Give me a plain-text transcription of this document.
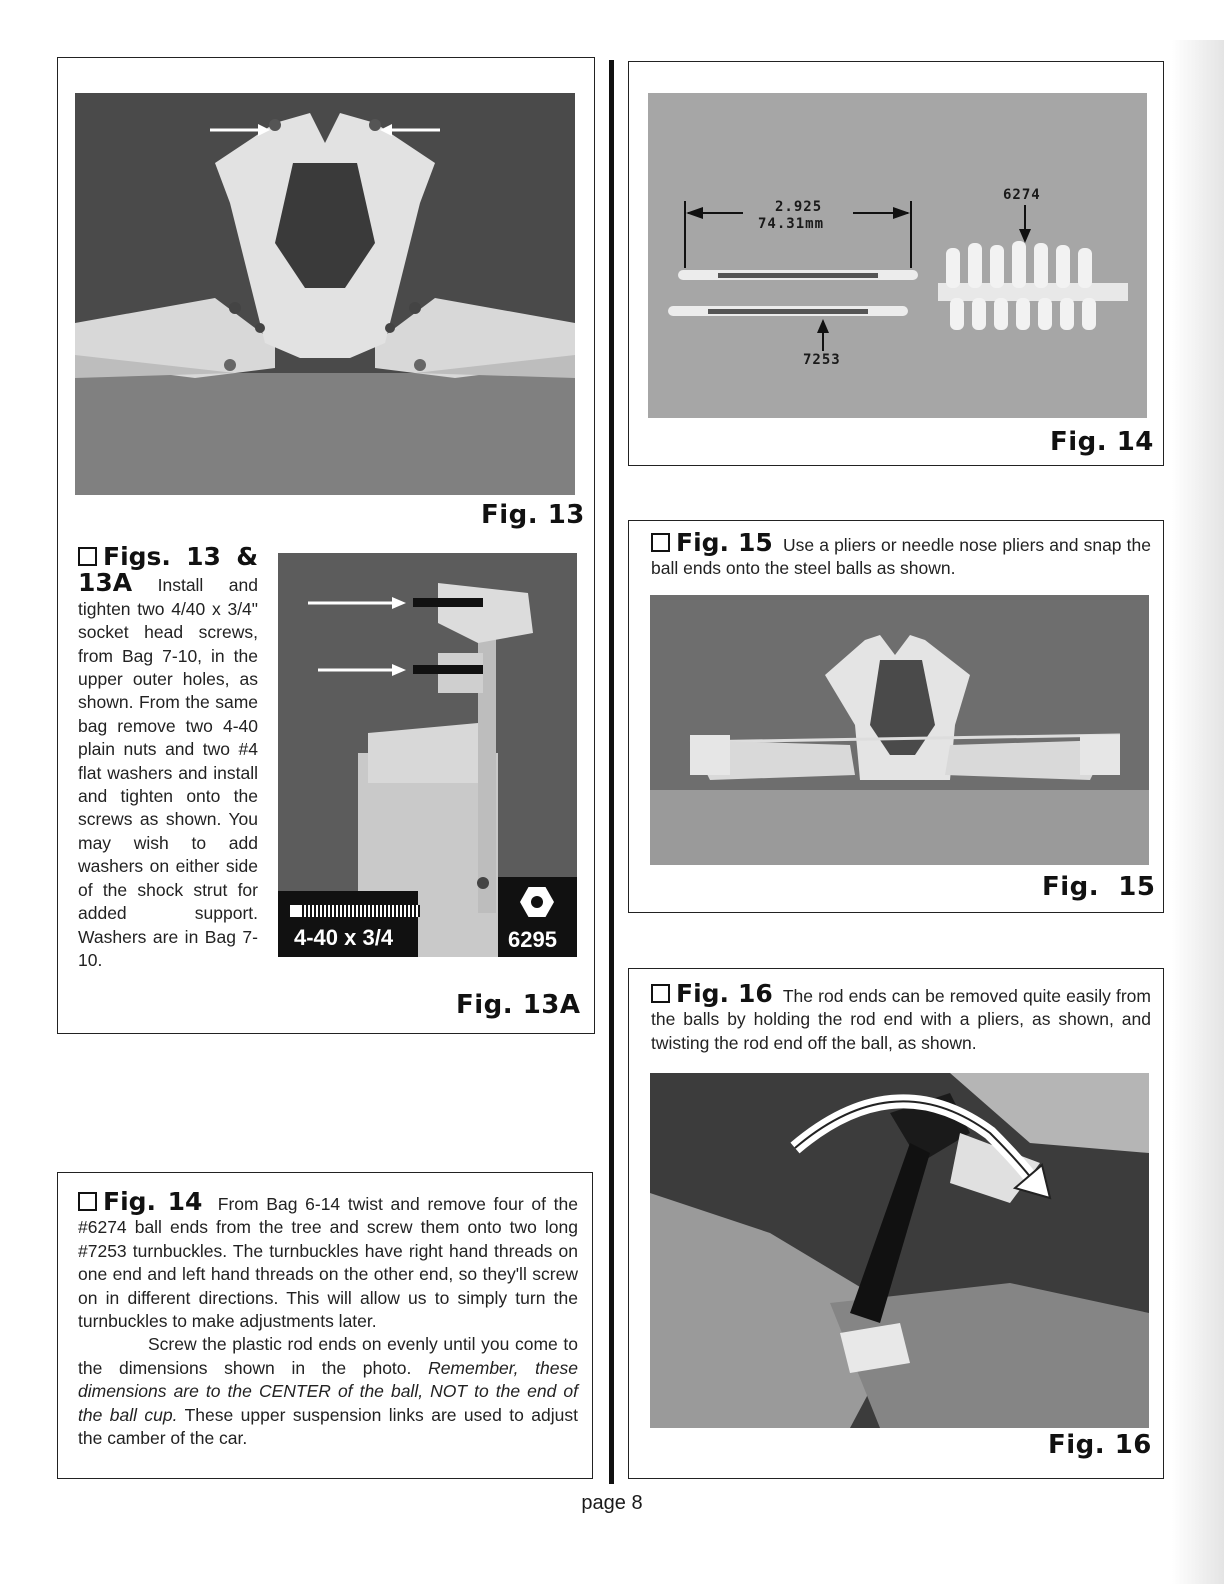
Fig. 13
Figs. 13 & 13A Install and tighten two 4/40 x 3/4" socket head screws, from Bag 7-10, in the upper outer holes, as shown. From the same bag remove two 4-40 plain nuts and two #4 flat washers and install and tighten onto the screws as shown. You may wish to add washers on either side of the shock strut for added support. Washers are in Bag 7-10.
4-40 x 3/4	6295
Fig. 13A
Fig. 14 From Bag 6-14 twist and remove four of the #6274 ball ends from the tree and screw them onto two long #7253 turnbuckles. The turnbuckles have right hand threads on one end and left hand threads on the other end, so they'll screw on in different directions. This will allow us to simply turn the turnbuckles to make adjustments later.
Screw the plastic rod ends on evenly until you come to the dimensions shown in the photo. Remember, these dimensions are to the CENTER of the ball, NOT to the end of the ball cup. These upper suspension links are used to adjust the camber of the car.
2.925
74.31mm
6274
7253
Fig. 14
Fig. 15 Use a pliers or needle nose pliers and snap the ball ends onto the steel balls as shown.
Fig.  15
Fig. 16 The rod ends can be removed quite easily from the balls by holding the rod end with a pliers, as shown, and twisting the rod end off the ball, as shown.
Fig. 16
page 8
